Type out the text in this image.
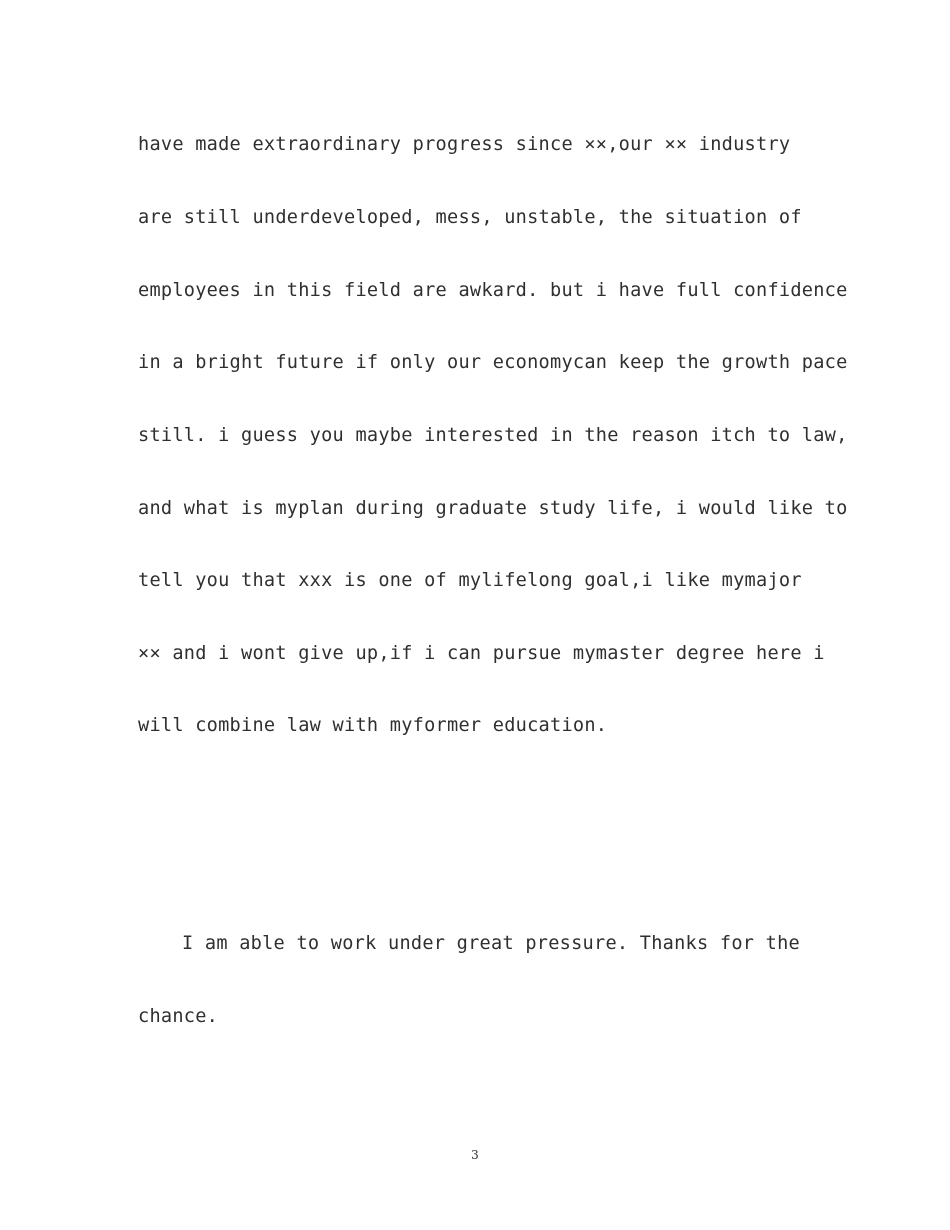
have made extraordinary progress since ××,our ×× industry
are still underdeveloped, mess, unstable, the situation of
employees in this field are awkard. but i have full confidence
in a bright future if only our economycan keep the growth pace
still. i guess you maybe interested in the reason itch to law,
and what is myplan during graduate study life, i would like to
tell you that xxx is one of mylifelong goal,i like mymajor
×× and i wont give up,if i can pursue mymaster degree here i
will combine law with myformer education.
I am able to work under great pressure. Thanks for the
chance.
3
